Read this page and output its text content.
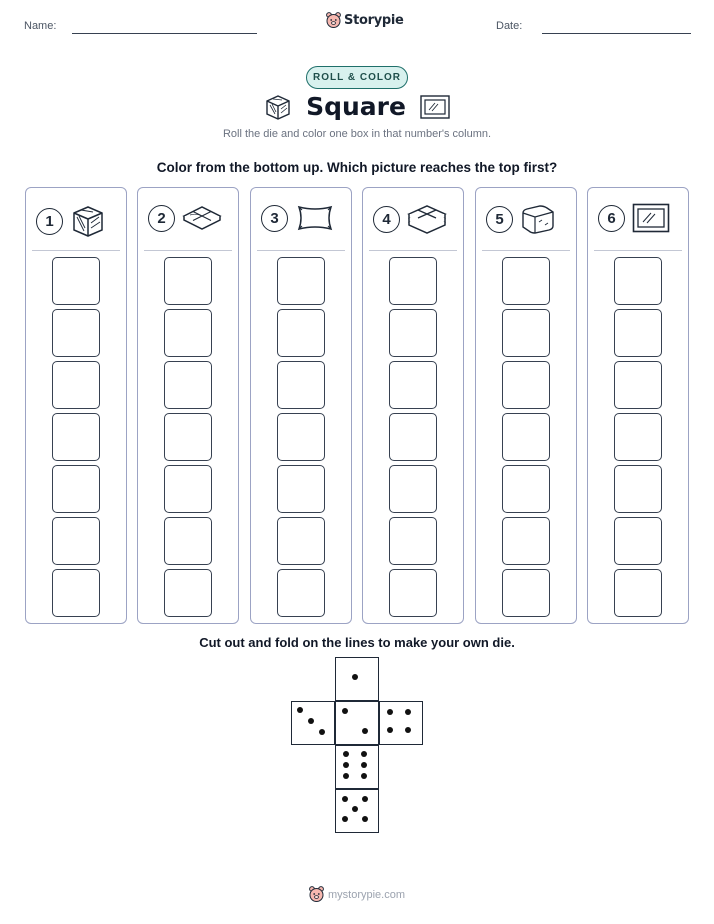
Name:	Storypie	Date:
ROLL & COLOR
Square
Roll the die and color one box in that number's column.
Color from the bottom up. Which picture reaches the top first?
1	2	3	4	5	6
Cut out and fold on the lines to make your own die.
mystorypie.com
